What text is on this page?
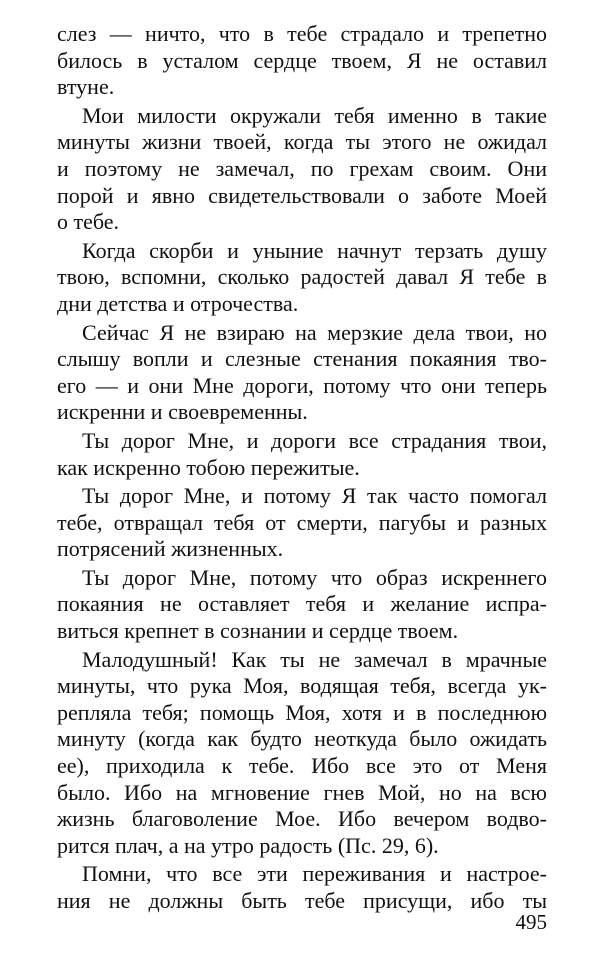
слез — ничто, что в тебе страдало и трепетно
билось в усталом сердце твоем, Я не оставил
втуне.
Мои милости окружали тебя именно в такие
минуты жизни твоей, когда ты этого не ожидал
и поэтому не замечал, по грехам своим. Они
порой и явно свидетельствовали о заботе Моей
о тебе.
Когда скорби и уныние начнут терзать душу
твою, вспомни, сколько радостей давал Я тебе в
дни детства и отрочества.
Сейчас Я не взираю на мерзкие дела твои, но
слышу вопли и слезные стенания покаяния тво-
его — и они Мне дороги, потому что они теперь
искренни и своевременны.
Ты дорог Мне, и дороги все страдания твои,
как искренно тобою пережитые.
Ты дорог Мне, и потому Я так часто помогал
тебе, отвращал тебя от смерти, пагубы и разных
потрясений жизненных.
Ты дорог Мне, потому что образ искреннего
покаяния не оставляет тебя и желание испра-
виться крепнет в сознании и сердце твоем.
Малодушный! Как ты не замечал в мрачные
минуты, что рука Моя, водящая тебя, всегда ук-
репляла тебя; помощь Моя, хотя и в последнюю
минуту (когда как будто неоткуда было ожидать
ее), приходила к тебе. Ибо все это от Меня
было. Ибо на мгновение гнев Мой, но на всю
жизнь благоволение Мое. Ибо вечером водво-
рится плач, а на утро радость (Пс. 29, 6).
Помни, что все эти переживания и настрое-
ния не должны быть тебе присущи, ибо ты
495
